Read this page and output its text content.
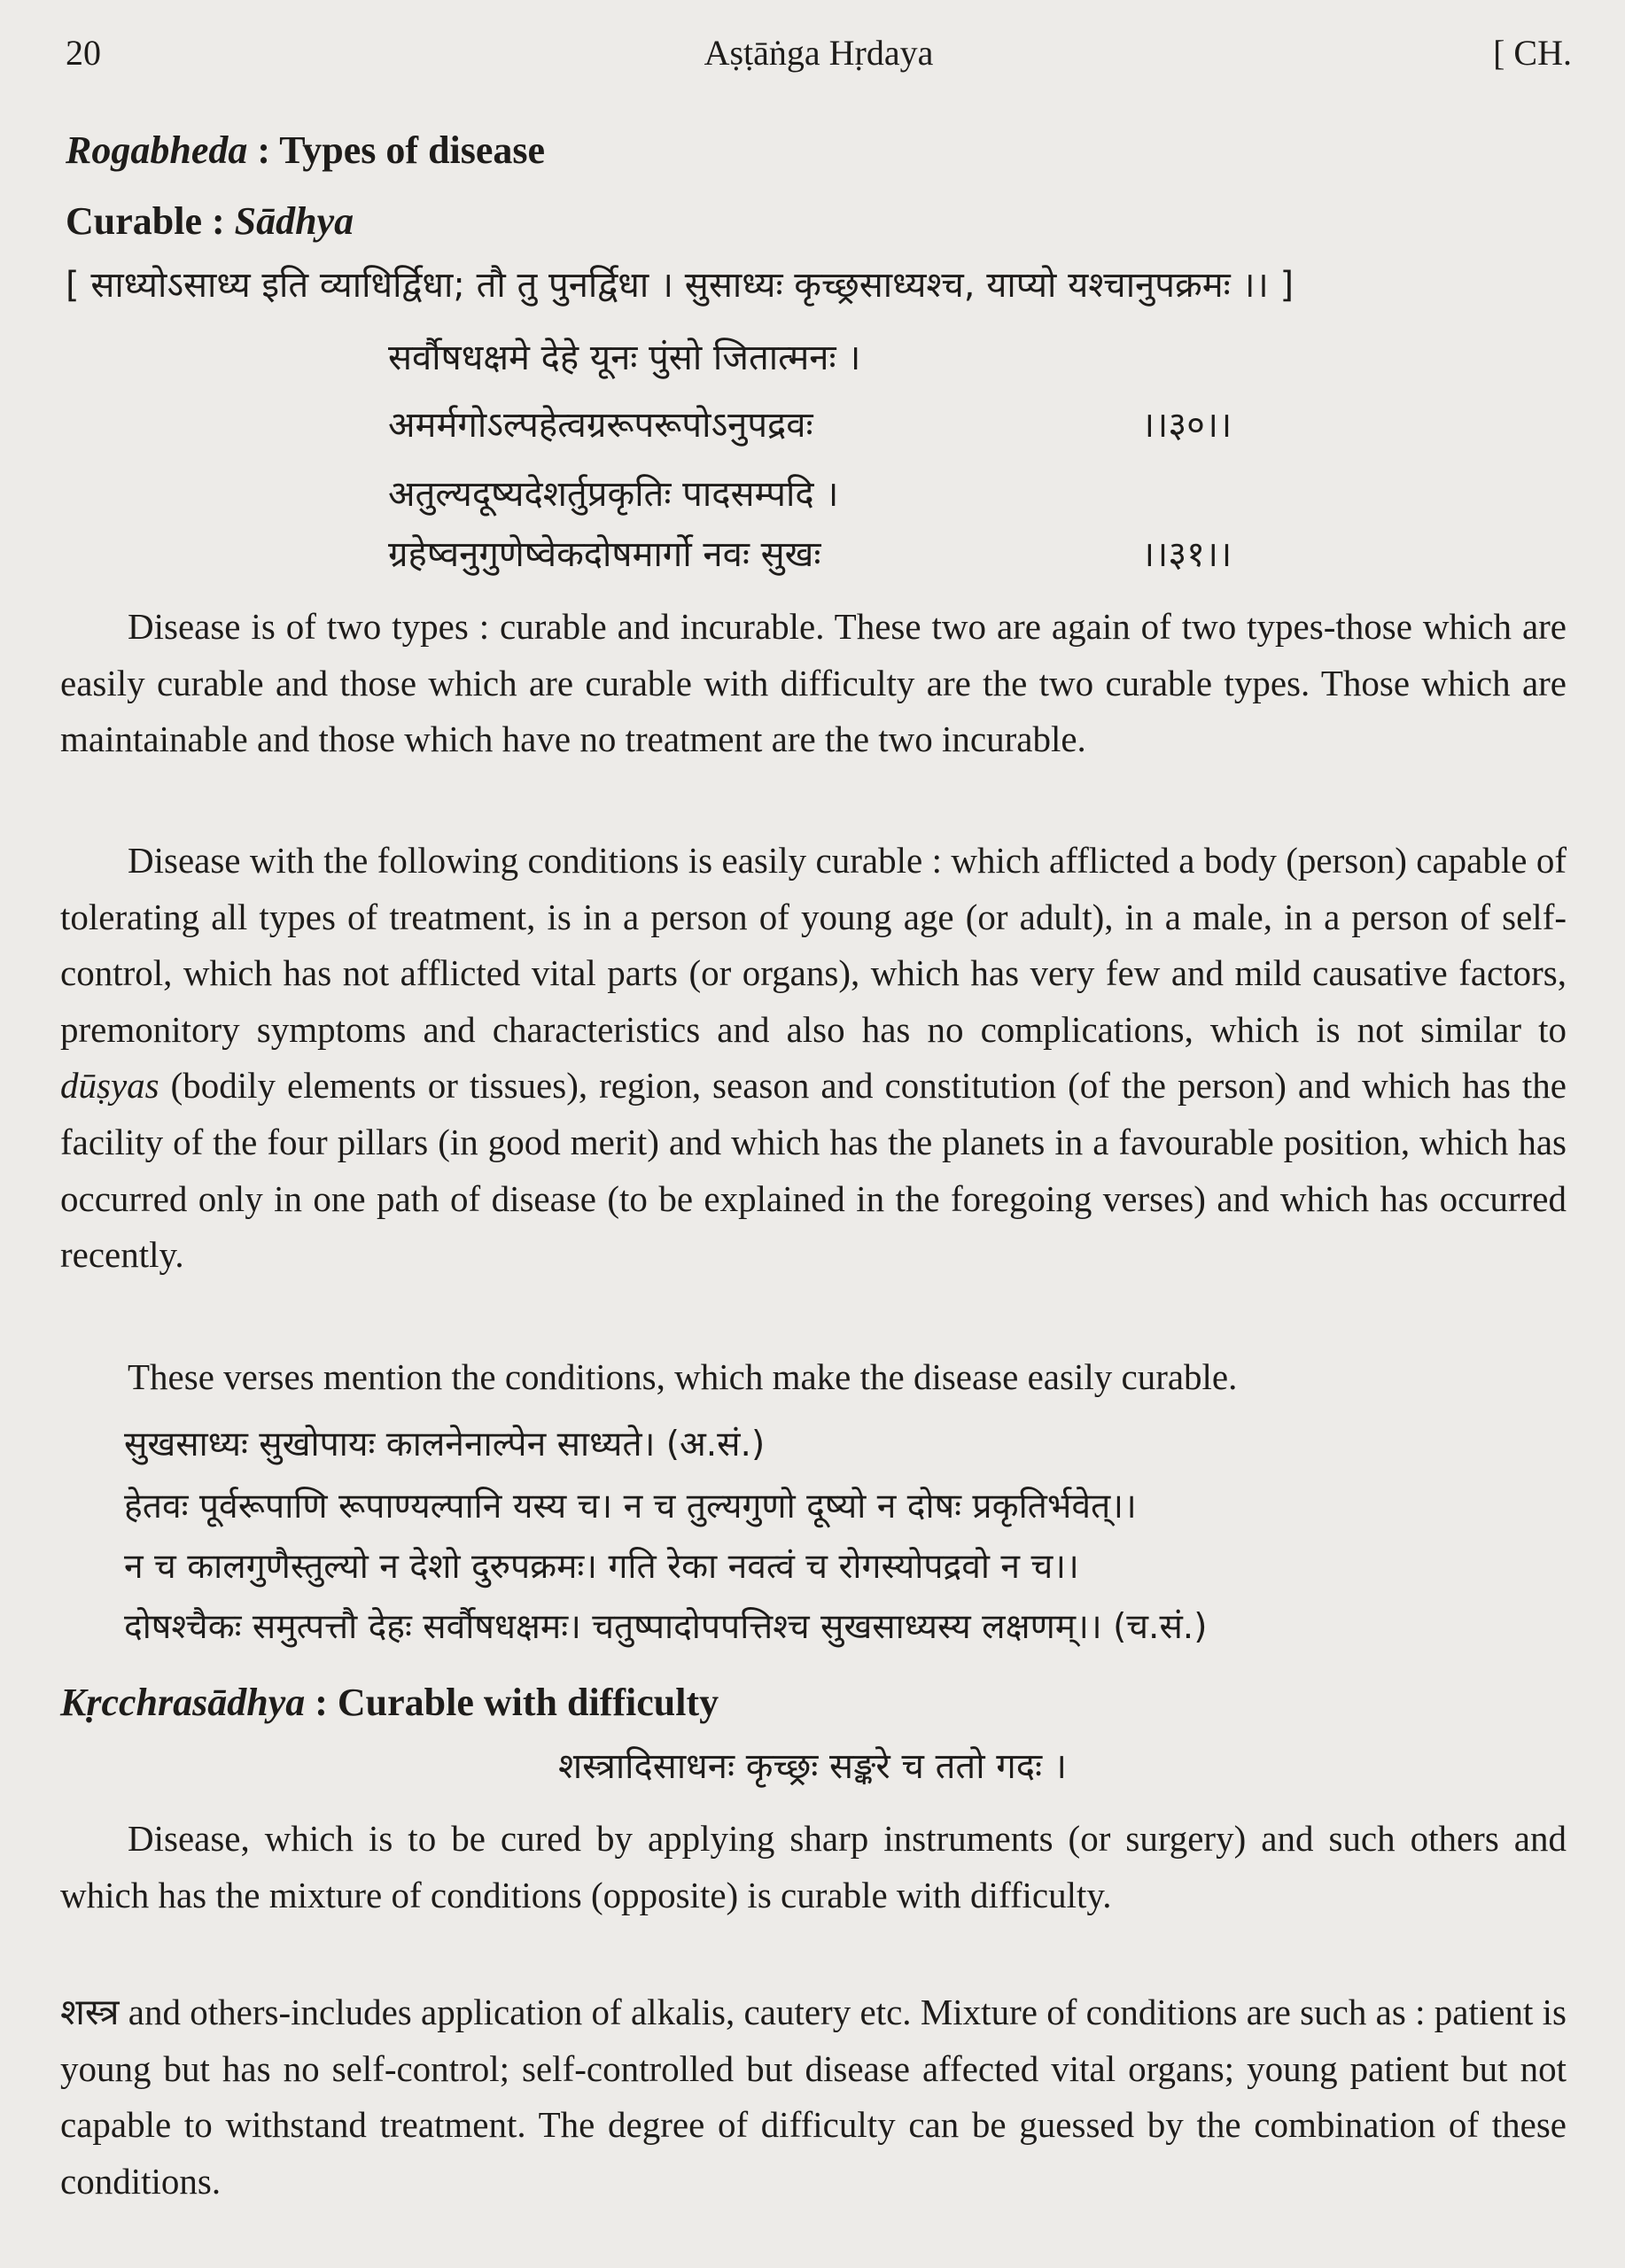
20	Aṣṭāṅga Hṛdaya	[ CH.
Rogabheda : Types of disease
Curable : Sādhya
[ साध्योऽसाध्य इति व्याधिर्द्विधा; तौ तु पुनर्द्विधा । सुसाध्यः कृच्छ्रसाध्यश्च, याप्यो यश्चानुपक्रमः ।। ]
सर्वौषधक्षमे देहे यूनः पुंसो जितात्मनः ।
अमर्मगोऽल्पहेत्वग्ररूपरूपोऽनुपद्रवः	।।३०।।
अतुल्यदूष्यदेशर्तुप्रकृतिः पादसम्पदि ।
ग्रहेष्वनुगुणेष्वेकदोषमार्गो नवः सुखः	।।३१।।

Disease is of two types : curable and incurable. These two are again of two types-those which are easily curable and those which are curable with difficulty are the two curable types. Those which are maintainable and those which have no treatment are the two incurable.

Disease with the following conditions is easily curable : which afflicted a body (person) capable of tolerating all types of treatment, is in a person of young age (or adult), in a male, in a person of self-control, which has not afflicted vital parts (or organs), which has very few and mild causative factors, premonitory symptoms and characteristics and also has no complications, which is not similar to dūṣyas (bodily elements or tissues), region, season and constitution (of the person) and which has the facility of the four pillars (in good merit) and which has the planets in a favourable position, which has occurred only in one path of disease (to be explained in the foregoing verses) and which has occurred recently.

These verses mention the conditions, which make the disease easily curable.

सुखसाध्यः सुखोपायः कालनेनाल्पेन साध्यते। (अ.सं.)
हेतवः पूर्वरूपाणि रूपाण्यल्पानि यस्य च। न च तुल्यगुणो दूष्यो न दोषः प्रकृतिर्भवेत्।।
न च कालगुणैस्तुल्यो न देशो दुरुपक्रमः। गति रेका नवत्वं च रोगस्योपद्रवो न च।।
दोषश्चैकः समुत्पत्तौ देहः सर्वौषधक्षमः। चतुष्पादोपपत्तिश्च सुखसाध्यस्य लक्षणम्।। (च.सं.)
Kṛcchrasādhya : Curable with difficulty
शस्त्रादिसाधनः कृच्छ्रः सङ्करे च ततो गदः ।

Disease, which is to be cured by applying sharp instruments (or surgery) and such others and which has the mixture of conditions (opposite) is curable with difficulty.

शस्त्र and others-includes application of alkalis, cautery etc. Mixture of conditions are such as : patient is young but has no self-control; self-controlled but disease affected vital organs; young patient but not capable to withstand treatment. The degree of difficulty can be guessed by the combination of these conditions.
